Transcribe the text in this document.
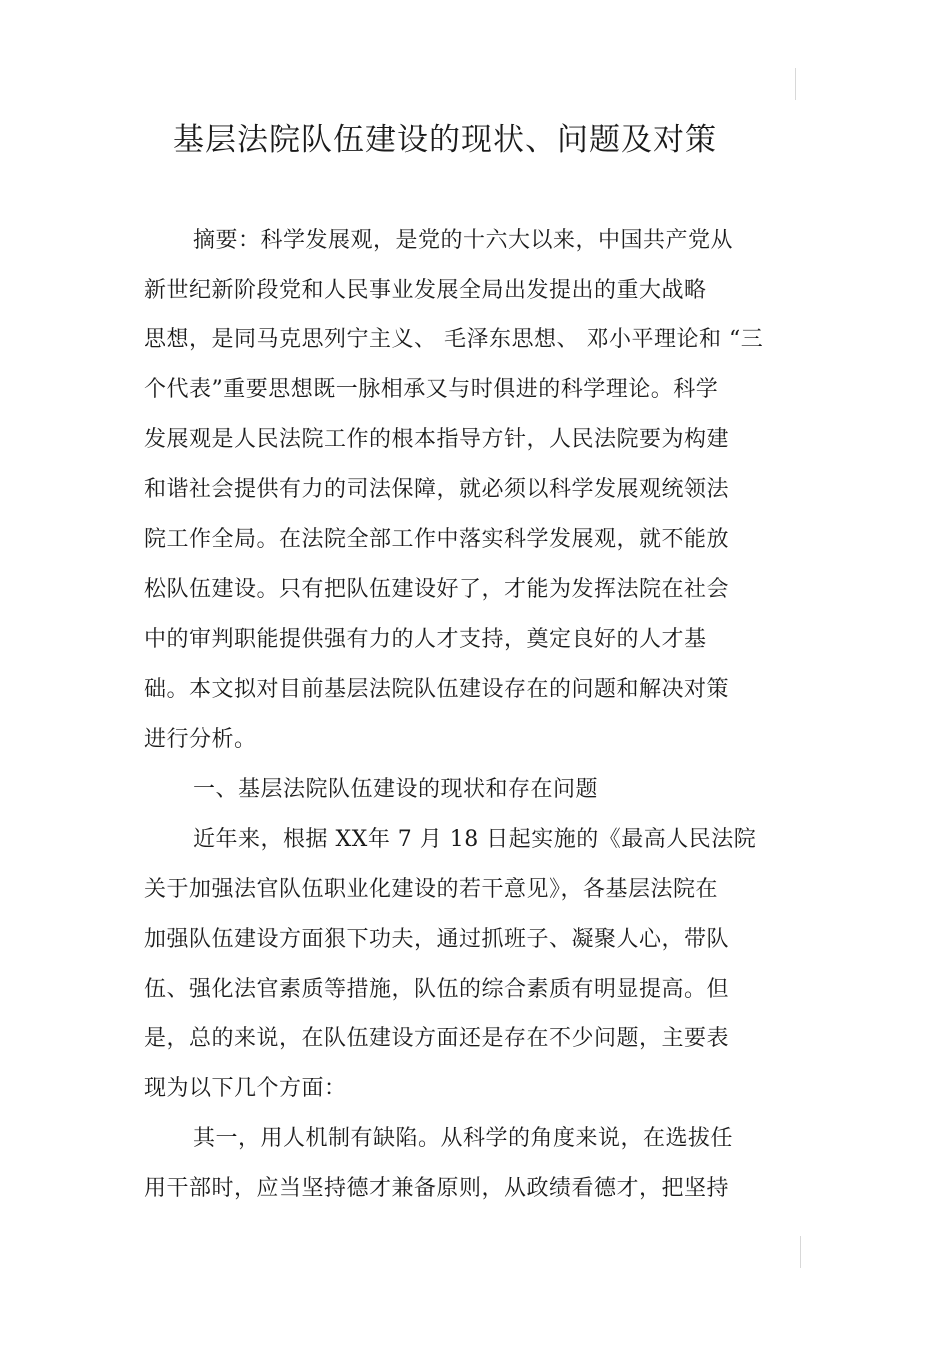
基层法院队伍建设的现状、问题及对策
摘要：科学发展观，是党的十六大以来，中国共产党从
新世纪新阶段党和人民事业发展全局出发提出的重大战略
思想，是同马克思列宁主义、 毛泽东思想、 邓小平理论和 “三
个代表”重要思想既一脉相承又与时俱进的科学理论。科学
发展观是人民法院工作的根本指导方针，人民法院要为构建
和谐社会提供有力的司法保障，就必须以科学发展观统领法
院工作全局。在法院全部工作中落实科学发展观，就不能放
松队伍建设。只有把队伍建设好了，才能为发挥法院在社会
中的审判职能提供强有力的人才支持，奠定良好的人才基
础。本文拟对目前基层法院队伍建设存在的问题和解决对策
进行分析。
一、基层法院队伍建设的现状和存在问题
近年来，根据 XX年 7 月 18 日起实施的《最高人民法院
关于加强法官队伍职业化建设的若干意见》，各基层法院在
加强队伍建设方面狠下功夫，通过抓班子、凝聚人心，带队
伍、强化法官素质等措施，队伍的综合素质有明显提高。但
是，总的来说，在队伍建设方面还是存在不少问题，主要表
现为以下几个方面：
其一，用人机制有缺陷。从科学的角度来说，在选拔任
用干部时，应当坚持德才兼备原则，从政绩看德才，把坚持
